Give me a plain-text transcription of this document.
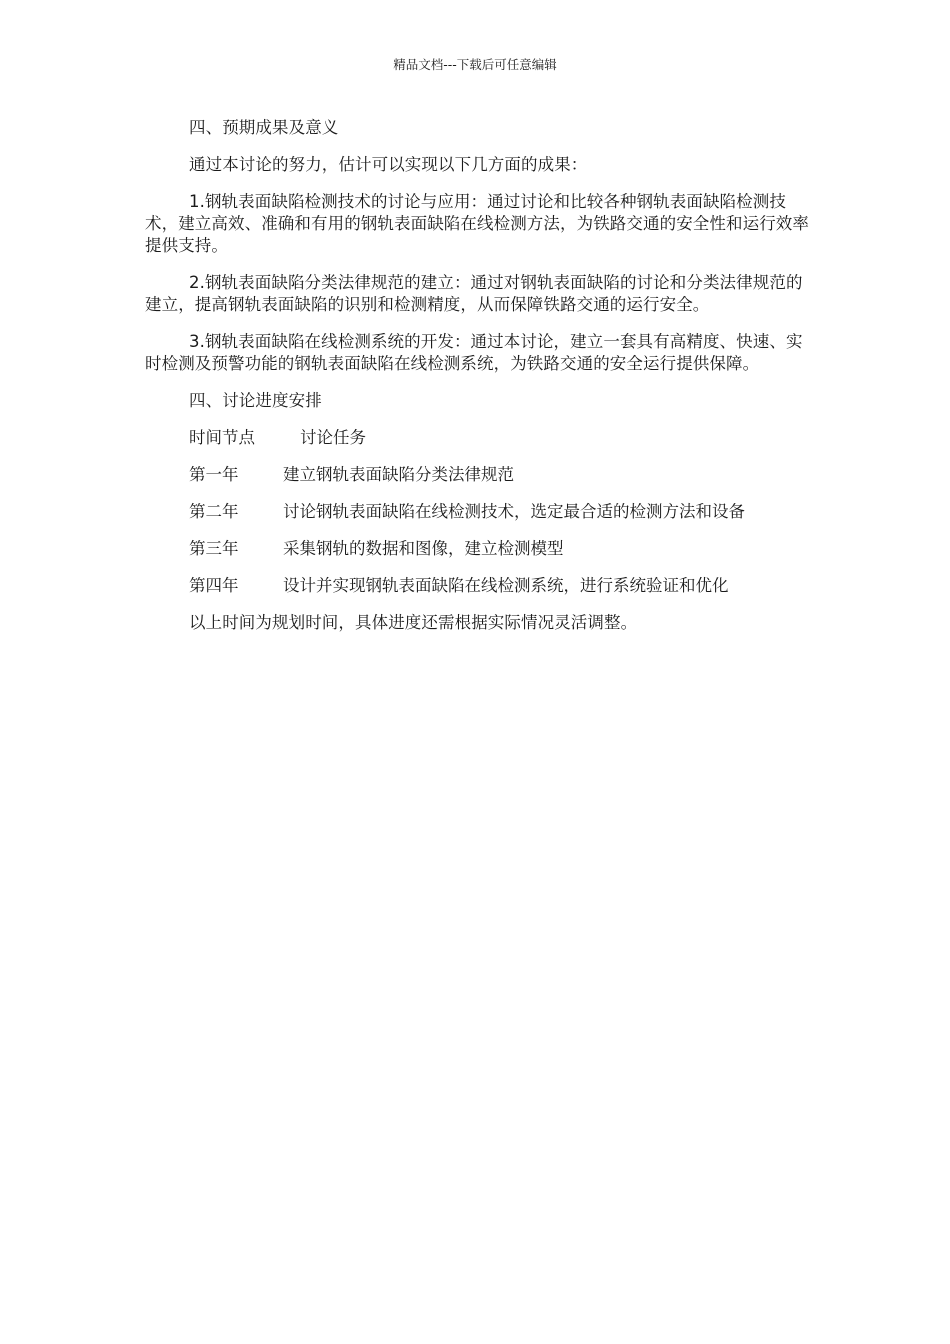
精品文档---下载后可任意编辑

四、预期成果及意义

通过本讨论的努力，估计可以实现以下几方面的成果：

1.钢轨表面缺陷检测技术的讨论与应用：通过讨论和比较各种钢轨表面缺陷检测技术，建立高效、准确和有用的钢轨表面缺陷在线检测方法，为铁路交通的安全性和运行效率提供支持。

2.钢轨表面缺陷分类法律规范的建立：通过对钢轨表面缺陷的讨论和分类法律规范的建立，提高钢轨表面缺陷的识别和检测精度，从而保障铁路交通的运行安全。

3.钢轨表面缺陷在线检测系统的开发：通过本讨论，建立一套具有高精度、快速、实时检测及预警功能的钢轨表面缺陷在线检测系统，为铁路交通的安全运行提供保障。

四、讨论进度安排

时间节点	讨论任务
第一年	建立钢轨表面缺陷分类法律规范
第二年	讨论钢轨表面缺陷在线检测技术，选定最合适的检测方法和设备
第三年	采集钢轨的数据和图像，建立检测模型
第四年	设计并实现钢轨表面缺陷在线检测系统，进行系统验证和优化

以上时间为规划时间，具体进度还需根据实际情况灵活调整。
